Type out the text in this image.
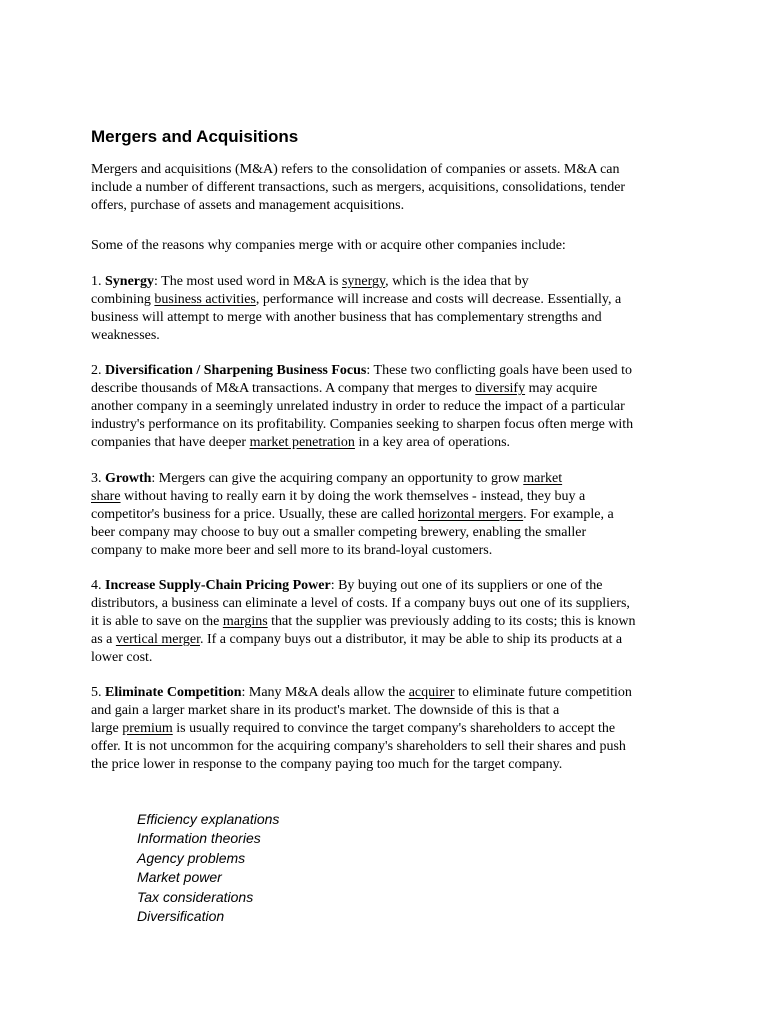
Mergers and Acquisitions
Mergers and acquisitions (M&A) refers to the consolidation of companies or assets. M&A can
include a number of different transactions, such as mergers, acquisitions, consolidations, tender
offers, purchase of assets and management acquisitions.
Some of the reasons why companies merge with or acquire other companies include:
1. Synergy: The most used word in M&A is synergy, which is the idea that by
combining business activities, performance will increase and costs will decrease. Essentially, a
business will attempt to merge with another business that has complementary strengths and
weaknesses.
2. Diversification / Sharpening Business Focus: These two conflicting goals have been used to
describe thousands of M&A transactions. A company that merges to diversify may acquire
another company in a seemingly unrelated industry in order to reduce the impact of a particular
industry's performance on its profitability. Companies seeking to sharpen focus often merge with
companies that have deeper market penetration in a key area of operations.
3. Growth: Mergers can give the acquiring company an opportunity to grow market
share without having to really earn it by doing the work themselves - instead, they buy a
competitor's business for a price. Usually, these are called horizontal mergers. For example, a
beer company may choose to buy out a smaller competing brewery, enabling the smaller
company to make more beer and sell more to its brand-loyal customers.
4. Increase Supply-Chain Pricing Power: By buying out one of its suppliers or one of the
distributors, a business can eliminate a level of costs. If a company buys out one of its suppliers,
it is able to save on the margins that the supplier was previously adding to its costs; this is known
as a vertical merger. If a company buys out a distributor, it may be able to ship its products at a
lower cost.
5. Eliminate Competition: Many M&A deals allow the acquirer to eliminate future competition
and gain a larger market share in its product's market. The downside of this is that a
large premium is usually required to convince the target company's shareholders to accept the
offer. It is not uncommon for the acquiring company's shareholders to sell their shares and push
the price lower in response to the company paying too much for the target company.
Efficiency explanations
Information theories
Agency problems
Market power
Tax considerations
Diversification
